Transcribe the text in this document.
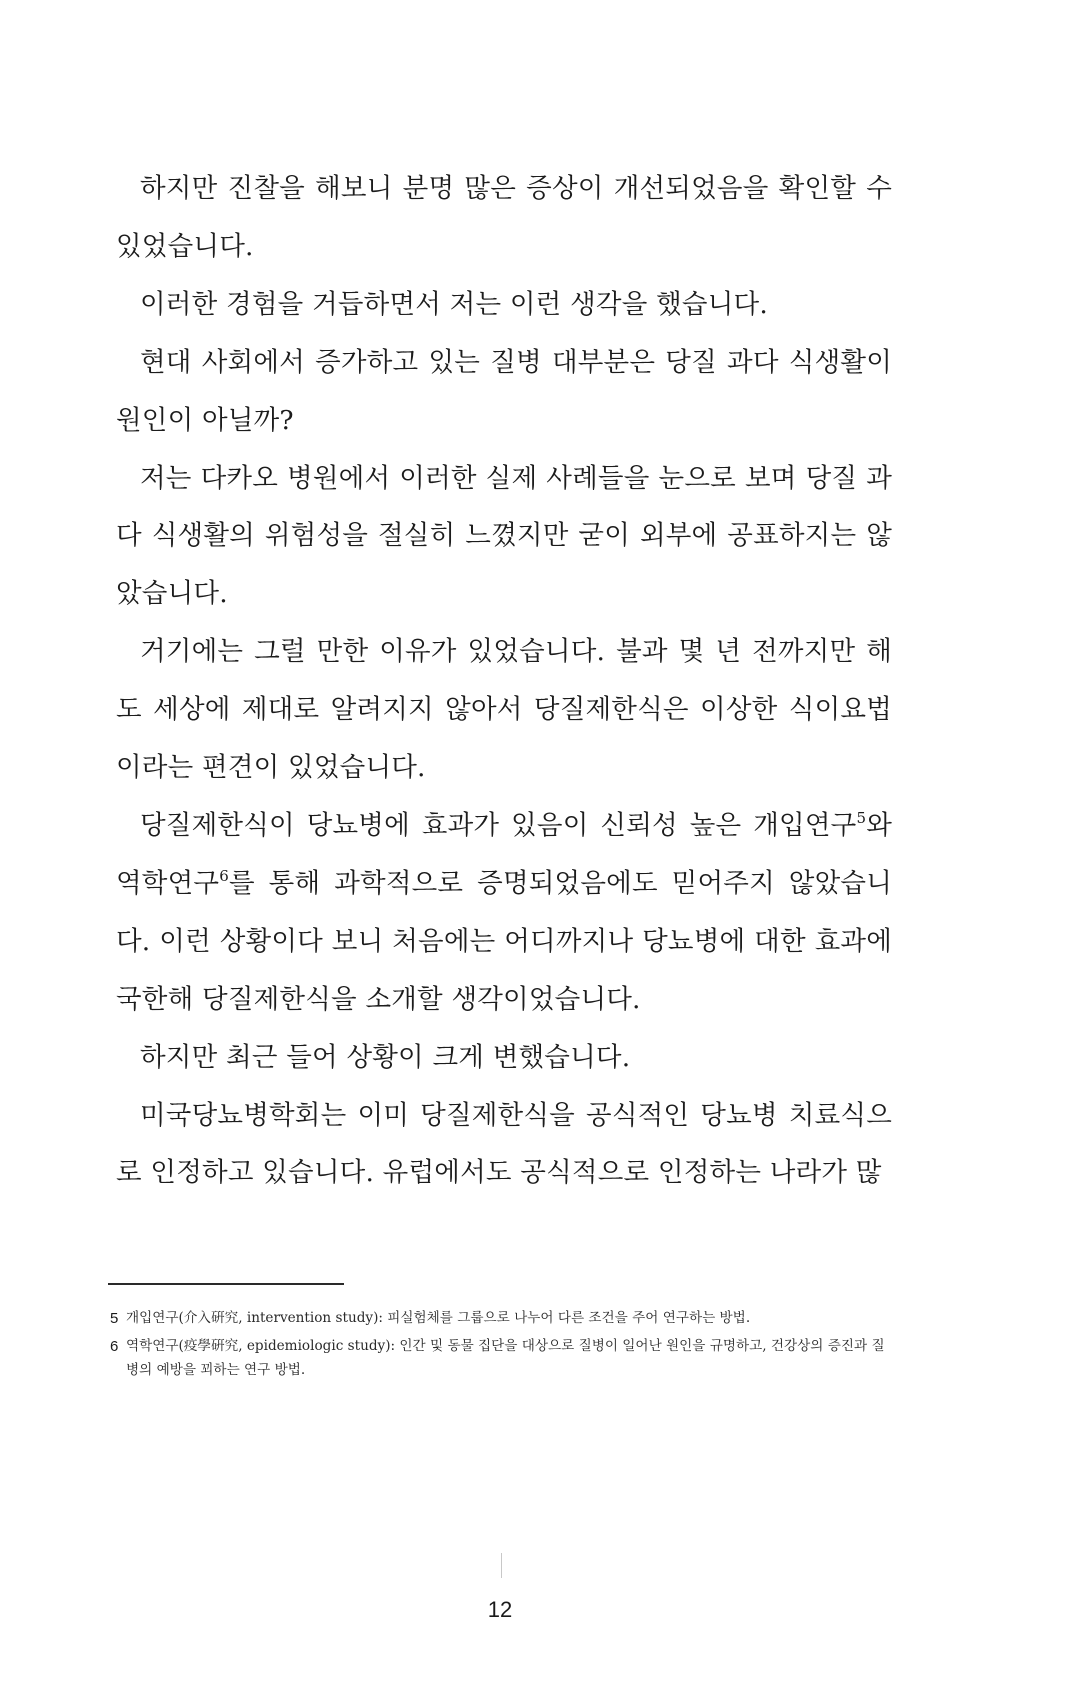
하지만 진찰을 해보니 분명 많은 증상이 개선되었음을 확인할 수 있었습니다.

이러한 경험을 거듭하면서 저는 이런 생각을 했습니다.

현대 사회에서 증가하고 있는 질병 대부분은 당질 과다 식생활이 원인이 아닐까?

저는 다카오 병원에서 이러한 실제 사례들을 눈으로 보며 당질 과다 식생활의 위험성을 절실히 느꼈지만 굳이 외부에 공표하지는 않았습니다.

거기에는 그럴 만한 이유가 있었습니다. 불과 몇 년 전까지만 해도 세상에 제대로 알려지지 않아서 당질제한식은 이상한 식이요법이라는 편견이 있었습니다.

당질제한식이 당뇨병에 효과가 있음이 신뢰성 높은 개입연구$^5$와 역학연구$^6$를 통해 과학적으로 증명되었음에도 믿어주지 않았습니다. 이런 상황이다 보니 처음에는 어디까지나 당뇨병에 대한 효과에 국한해 당질제한식을 소개할 생각이었습니다.

하지만 최근 들어 상황이 크게 변했습니다.

미국당뇨병학회는 이미 당질제한식을 공식적인 당뇨병 치료식으로 인정하고 있습니다. 유럽에서도 공식적으로 인정하는 나라가 많

5 개입연구(介入硏究, intervention study): 피실험체를 그룹으로 나누어 다른 조건을 주어 연구하는 방법.
6 역학연구(疫學硏究, epidemiologic study): 인간 및 동물 집단을 대상으로 질병이 일어난 원인을 규명하고, 건강상의 증진과 질병의 예방을 꾀하는 연구 방법.
12
